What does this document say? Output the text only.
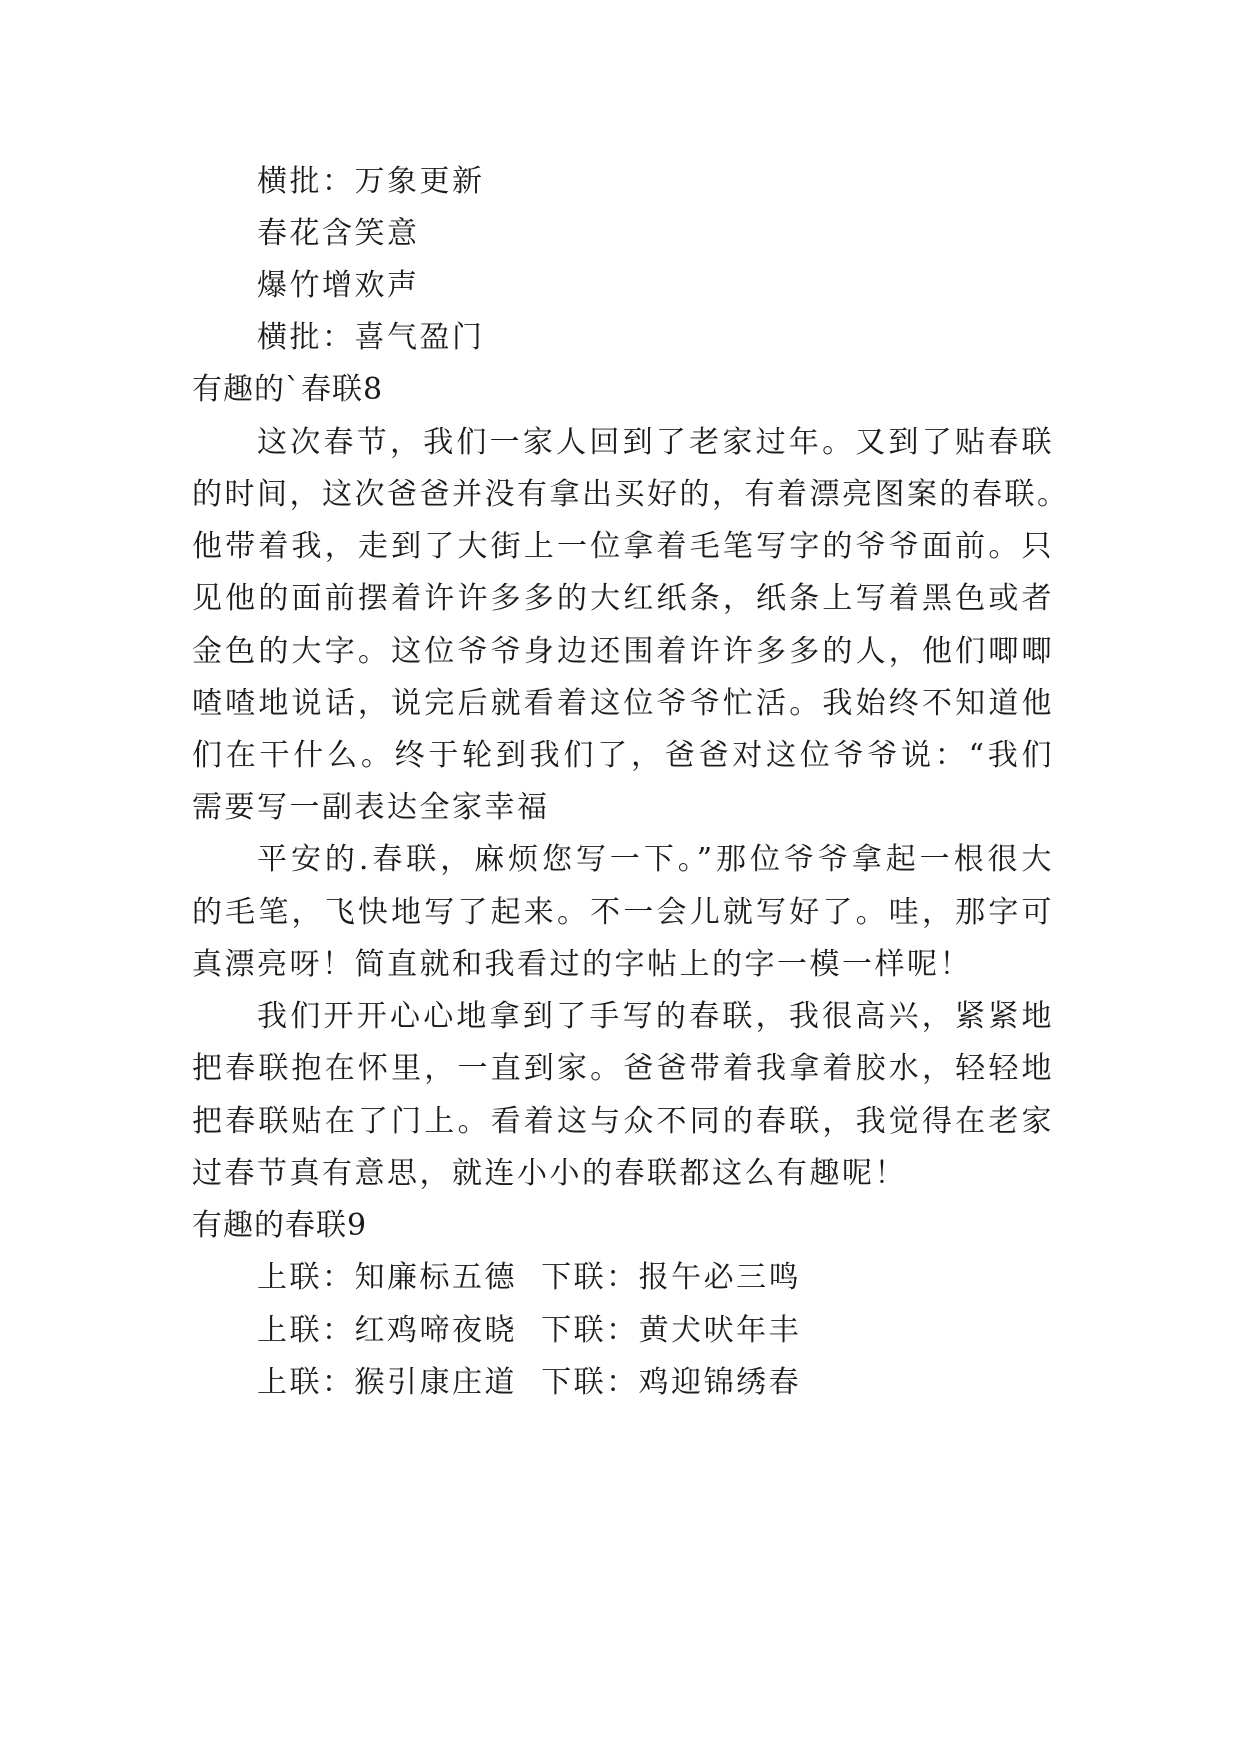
横批：万象更新
春花含笑意
爆竹增欢声
横批：喜气盈门
有趣的`春联8
这次春节，我们一家人回到了老家过年。又到了贴春联
的时间，这次爸爸并没有拿出买好的，有着漂亮图案的春联。
他带着我，走到了大街上一位拿着毛笔写字的爷爷面前。只
见他的面前摆着许许多多的大红纸条，纸条上写着黑色或者
金色的大字。这位爷爷身边还围着许许多多的人，他们唧唧
喳喳地说话，说完后就看着这位爷爷忙活。我始终不知道他
们在干什么。终于轮到我们了，爸爸对这位爷爷说：“我们
需要写一副表达全家幸福
平安的.春联，麻烦您写一下。”那位爷爷拿起一根很大
的毛笔，飞快地写了起来。不一会儿就写好了。哇，那字可
真漂亮呀！简直就和我看过的字帖上的字一模一样呢！
我们开开心心地拿到了手写的春联，我很高兴，紧紧地
把春联抱在怀里，一直到家。爸爸带着我拿着胶水，轻轻地
把春联贴在了门上。看着这与众不同的春联，我觉得在老家
过春节真有意思，就连小小的春联都这么有趣呢！
有趣的春联9
上联：知廉标五德  下联：报午必三鸣
上联：红鸡啼夜晓  下联：黄犬吠年丰
上联：猴引康庄道  下联：鸡迎锦绣春
